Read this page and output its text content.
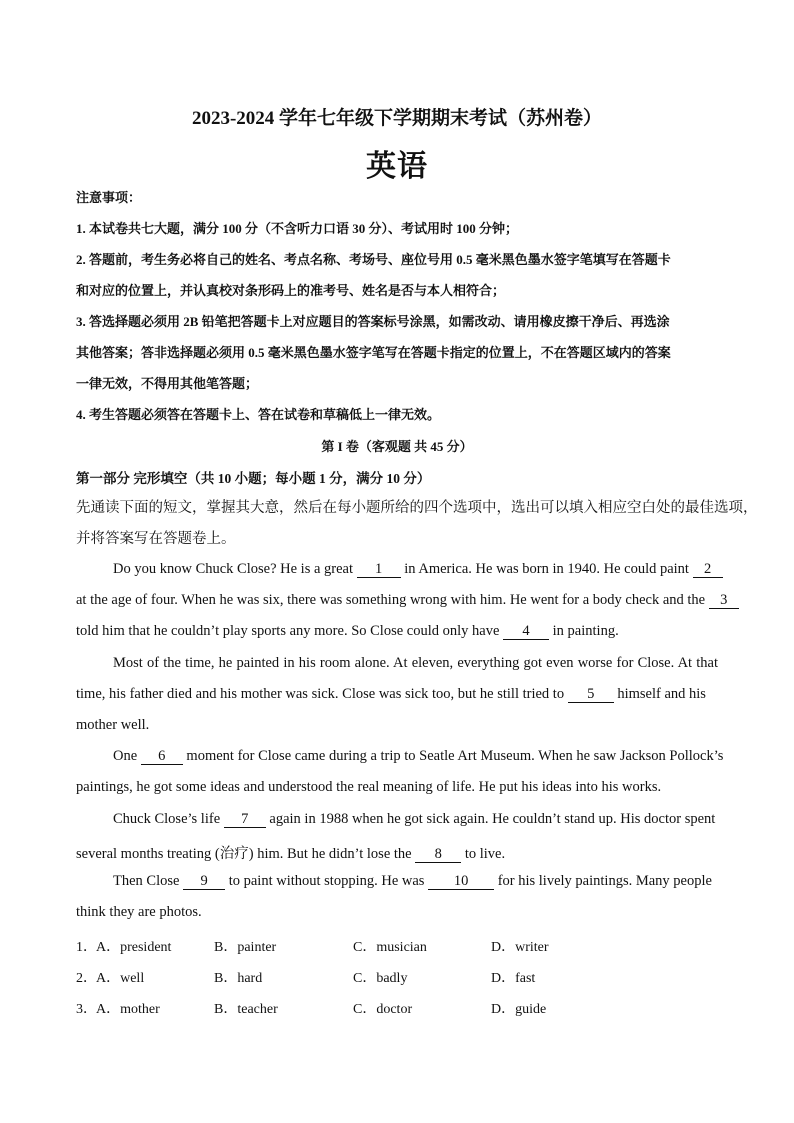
2023-2024 学年七年级下学期期末考试（苏州卷）
英语
注意事项：
1. 本试卷共七大题，满分 100 分（不含听力口语 30 分）、考试用时 100 分钟；
2. 答题前，考生务必将自己的姓名、考点名称、考场号、座位号用 0.5 毫米黑色墨水签字笔填写在答题卡
和对应的位置上，并认真校对条形码上的准考号、姓名是否与本人相符合；
3. 答选择题必须用 2B 铅笔把答题卡上对应题目的答案标号涂黑，如需改动、请用橡皮擦干净后、再选涂
其他答案；答非选择题必须用 0.5 毫米黑色墨水签字笔写在答题卡指定的位置上，不在答题区域内的答案
一律无效，不得用其他笔答题；
4. 考生答题必须答在答题卡上、答在试卷和草稿低上一律无效。
第 I 卷（客观题 共 45 分）
第一部分 完形填空（共 10 小题；每小题 1 分，满分 10 分）
先通读下面的短文，掌握其大意，然后在每小题所给的四个选项中，选出可以填入相应空白处的最佳选项，
并将答案写在答题卷上。
Do you know Chuck Close? He is a great 1 in America. He was born in 1940. He could paint 2
at the age of four. When he was six, there was something wrong with him. He went for a body check and the 3
told him that he couldn’t play sports any more. So Close could only have 4 in painting.
Most of the time, he painted in his room alone. At eleven, everything got even worse for Close. At that
time, his father died and his mother was sick. Close was sick too, but he still tried to 5 himself and his
mother well.
One 6 moment for Close came during a trip to Seatle Art Museum. When he saw Jackson Pollock’s
paintings, he got some ideas and understood the real meaning of life. He put his ideas into his works.
Chuck Close’s life 7 again in 1988 when he got sick again. He couldn’t stand up. His doctor spent
several months treating (治疗) him. But he didn’t lose the 8 to live.
Then Close 9 to paint without stopping. He was 10 for his lively paintings. Many people
think they are photos.
1． A．president	B．painter	C．musician	D．writer
2． A．well	B．hard	C．badly	D．fast
3． A．mother	B．teacher	C．doctor	D．guide
